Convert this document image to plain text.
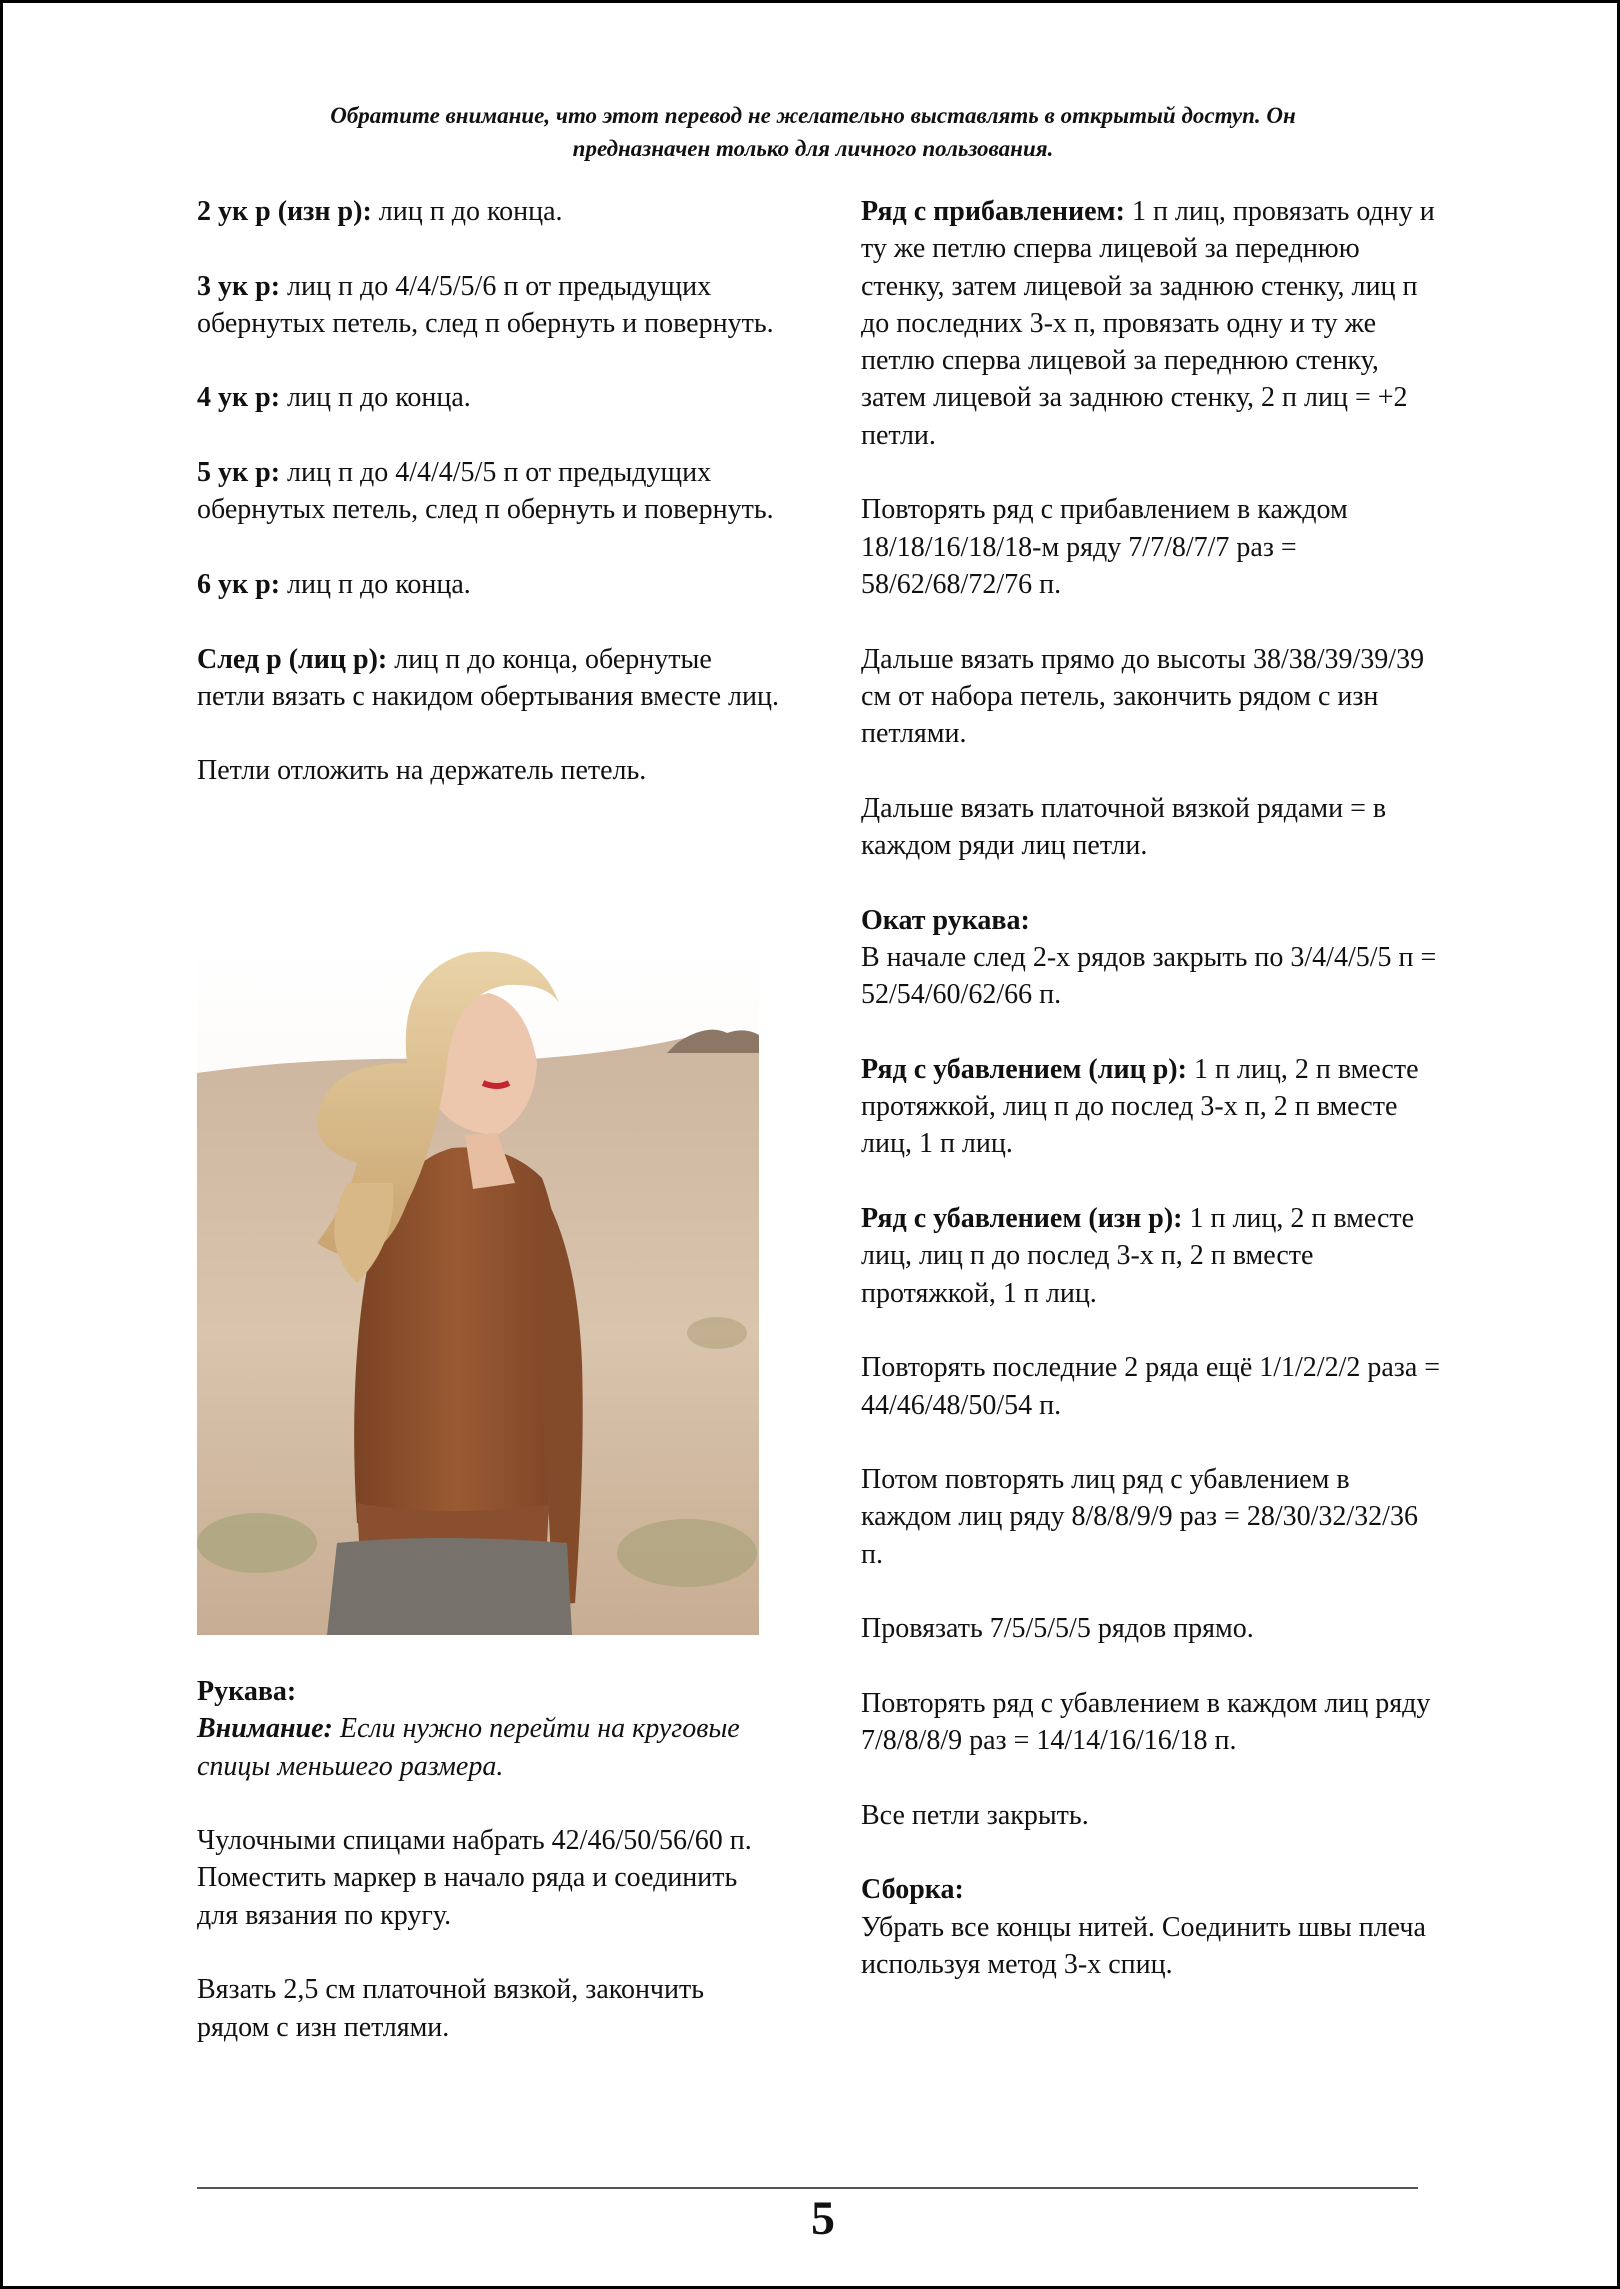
Обратите внимание, что этот перевод не желательно выставлять в открытый доступ. Он
предназначен только для личного пользования.

2 ук р (изн р): лиц п до конца.

3 ук р: лиц п до 4/4/5/5/6 п от предыдущих обернутых петель, след п обернуть и повернуть.

4 ук р: лиц п до конца.

5 ук р: лиц п до 4/4/4/5/5 п от предыдущих обернутых петель, след п обернуть и повернуть.

6 ук р: лиц п до конца.

След р (лиц р): лиц п до конца, обернутые петли вязать с накидом обертывания вместе лиц.

Петли отложить на держатель петель.

Рукава:
Внимание: Если нужно перейти на круговые спицы меньшего размера.

Чулочными спицами набрать 42/46/50/56/60 п. Поместить маркер в начало ряда и соединить для вязания по кругу.

Вязать 2,5 см платочной вязкой, закончить рядом с изн петлями.

Ряд с прибавлением: 1 п лиц, провязать одну и ту же петлю сперва лицевой за переднюю стенку, затем лицевой за заднюю стенку, лиц п до последних 3-х п, провязать одну и ту же петлю сперва лицевой за переднюю стенку, затем лицевой за заднюю стенку, 2 п лиц = +2 петли.

Повторять ряд с прибавлением в каждом 18/18/16/18/18-м ряду 7/7/8/7/7 раз = 58/62/68/72/76 п.

Дальше вязать прямо до высоты 38/38/39/39/39 см от набора петель, закончить рядом с изн петлями.

Дальше вязать платочной вязкой рядами = в каждом ряди лиц петли.

Окат рукава:
В начале след 2-х рядов закрыть по 3/4/4/5/5 п = 52/54/60/62/66 п.

Ряд с убавлением (лиц р): 1 п лиц, 2 п вместе протяжкой, лиц п до послед 3-х п, 2 п вместе лиц, 1 п лиц.

Ряд с убавлением (изн р): 1 п лиц, 2 п вместе лиц, лиц п до послед 3-х п, 2 п вместе протяжкой, 1 п лиц.

Повторять последние 2 ряда ещё 1/1/2/2/2 раза = 44/46/48/50/54 п.

Потом повторять лиц ряд с убавлением в каждом лиц ряду 8/8/8/9/9 раз = 28/30/32/32/36 п.

Провязать 7/5/5/5/5 рядов прямо.

Повторять ряд с убавлением в каждом лиц ряду 7/8/8/8/9 раз = 14/14/16/16/18 п.

Все петли закрыть.

Сборка:
Убрать все концы нитей. Соединить швы плеча используя метод 3-х спиц.

5
